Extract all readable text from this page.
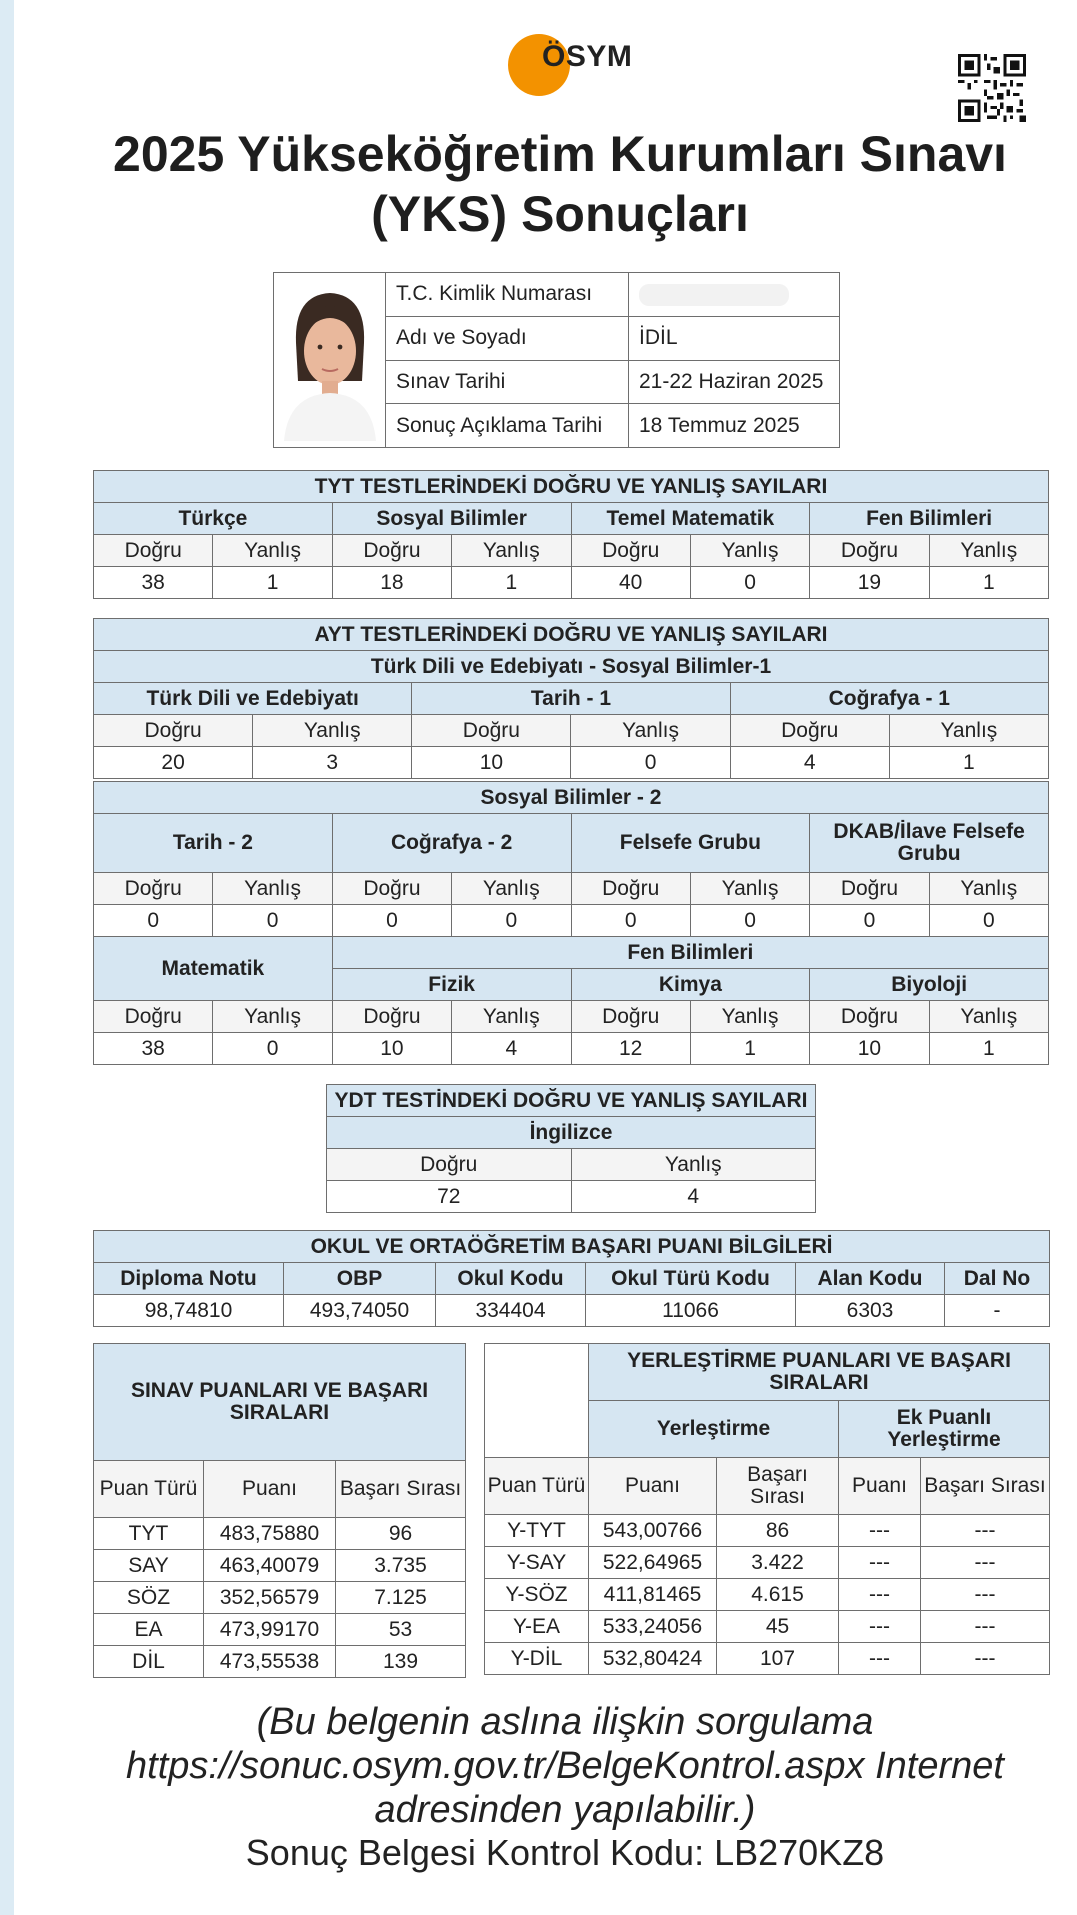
ÖSYM
2025 Yükseköğretim Kurumları Sınavı
(YKS) Sonuçları
	T.C. Kimlik Numarası	
	Adı ve Soyadı	İDİL
	Sınav Tarihi	21-22 Haziran 2025
	Sonuç Açıklama Tarihi	18 Temmuz 2025
TYT TESTLERİNDEKİ DOĞRU VE YANLIŞ SAYILARI							
Türkçe		Sosyal Bilimler		Temel Matematik		Fen Bilimleri	
Doğru	Yanlış	Doğru	Yanlış	Doğru	Yanlış	Doğru	Yanlış
38	1	18	1	40	0	19	1
AYT TESTLERİNDEKİ DOĞRU VE YANLIŞ SAYILARI					
Türk Dili ve Edebiyatı - Sosyal Bilimler-1					
Türk Dili ve Edebiyatı		Tarih - 1		Coğrafya - 1	
Doğru	Yanlış	Doğru	Yanlış	Doğru	Yanlış
20	3	10	0	4	1
Sosyal Bilimler - 2							
Tarih - 2		Coğrafya - 2		Felsefe Grubu		DKAB/İlave Felsefe Grubu	
Doğru	Yanlış	Doğru	Yanlış	Doğru	Yanlış	Doğru	Yanlış
0	0	0	0	0	0	0	0
Matematik		Fen Bilimleri					
		Fizik		Kimya		Biyoloji	
Doğru	Yanlış	Doğru	Yanlış	Doğru	Yanlış	Doğru	Yanlış
38	0	10	4	12	1	10	1
YDT TESTİNDEKİ DOĞRU VE YANLIŞ SAYILARI	
İngilizce	
Doğru	Yanlış
72	4
OKUL VE ORTAÖĞRETİM BAŞARI PUANI BİLGİLERİ					
Diploma Notu	OBP	Okul Kodu	Okul Türü Kodu	Alan Kodu	Dal No
98,74810	493,74050	334404	11066	6303	-
SINAV PUANLARI VE BAŞARI SIRALARI		
Puan Türü	Puanı	Başarı Sırası
TYT	483,75880	96
SAY	463,40079	3.735
SÖZ	352,56579	7.125
EA	473,99170	53
DİL	473,55538	139
	YERLEŞTİRME PUANLARI VE BAŞARI SIRALARI			
	Yerleştirme		Ek Puanlı Yerleştirme	
Puan Türü	Puanı	Başarı Sırası	Puanı	Başarı Sırası
Y-TYT	543,00766	86	---	---
Y-SAY	522,64965	3.422	---	---
Y-SÖZ	411,81465	4.615	---	---
Y-EA	533,24056	45	---	---
Y-DİL	532,80424	107	---	---
(Bu belgenin aslına ilişkin sorgulama https://sonuc.osym.gov.tr/BelgeKontrol.aspx Internet adresinden yapılabilir.)
Sonuç Belgesi Kontrol Kodu: LB270KZ8
